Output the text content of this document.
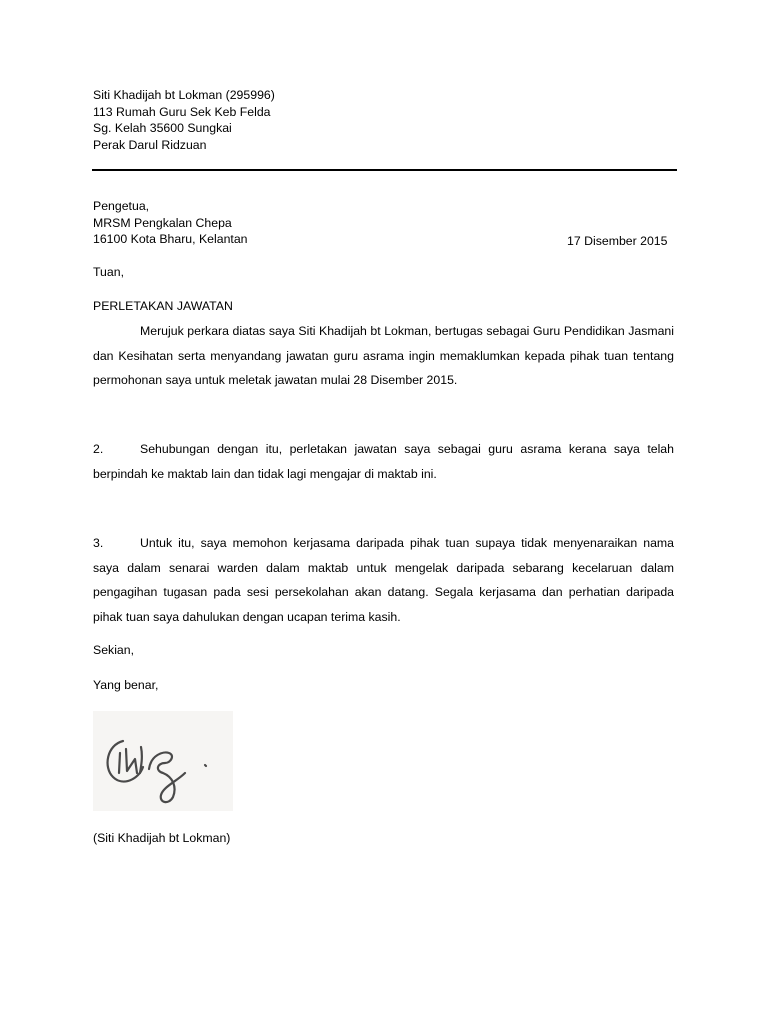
Siti Khadijah bt Lokman (295996)
113 Rumah Guru Sek Keb Felda
Sg. Kelah 35600 Sungkai
Perak Darul Ridzuan
Pengetua,
MRSM Pengkalan Chepa
16100 Kota Bharu, Kelantan	17 Disember 2015
Tuan,
PERLETAKAN JAWATAN
Merujuk perkara diatas saya Siti Khadijah bt Lokman, bertugas sebagai Guru Pendidikan Jasmani dan Kesihatan serta menyandang jawatan guru asrama ingin memaklumkan kepada pihak tuan tentang permohonan saya untuk meletak jawatan mulai 28 Disember 2015.
2.	Sehubungan dengan itu, perletakan jawatan saya sebagai guru asrama kerana saya telah berpindah ke maktab lain dan tidak lagi mengajar di maktab ini.
3.	Untuk itu, saya memohon kerjasama daripada pihak tuan supaya tidak menyenaraikan nama saya dalam senarai warden dalam maktab untuk mengelak daripada sebarang kecelaruan dalam pengagihan tugasan pada sesi persekolahan akan datang. Segala kerjasama dan perhatian daripada pihak tuan saya dahulukan dengan ucapan terima kasih.
Sekian,
Yang benar,
(Siti Khadijah bt Lokman)
